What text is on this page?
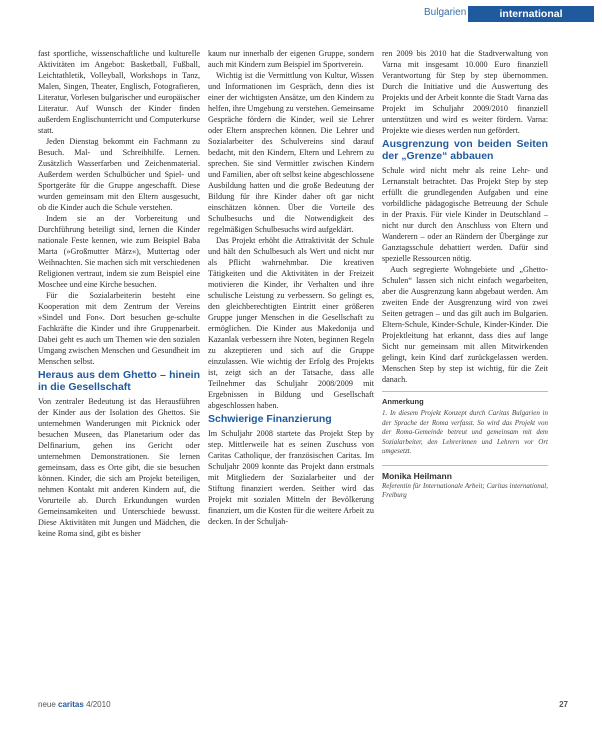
Bulgarien	international

fast sportliche, wissenschaftliche und kulturelle Aktivitäten im Angebot: Basketball, Fußball, Leichtathletik, Volleyball, Workshops in Tanz, Malen, Singen, Theater, Englisch, Fotografieren, Literatur, Vorlesen bulgarischer und europäischer Literatur. Auf Wunsch der Kinder finden außerdem Englischunterricht und Computerkurse statt.

Jeden Dienstag bekommt ein Fachmann zu Besuch. Mal- und Schreibhilfe. Lernen. Zusätzlich Wasserfarben und Zeichenmaterial. Außerdem werden Schulbücher und Spiel- und Sportgeräte für die Gruppe angeschafft. Diese wurden gemeinsam mit den Eltern ausgesucht, ob die Kinder auch die Schule verstehen.

Indem sie an der Vorbereitung und Durchführung beteiligt sind, lernen die Kinder nationale Feste kennen, wie zum Beispiel Baba Marta (»Großmutter März«), Muttertag oder Weihnachten. Sie machen sich mit verschiedenen Religionen vertraut, indem sie zum Beispiel eine Moschee und eine Kirche besuchen.

Für die Sozialarbeiterin besteht eine Kooperation mit dem Zentrum der Vereins »Sindel und Fon«. Dort besuchen ge-schulte Fachkräfte die Kinder und ihre Gruppenarbeit. Dabei geht es auch um Themen wie den sozialen Umgang zwischen Menschen und Gesundheit im Menschen selbst.

Heraus aus dem Ghetto – hinein in die Gesellschaft

Von zentraler Bedeutung ist das Herausführen der Kinder aus der Isolation des Ghettos. Sie unternehmen Wanderungen mit Picknick oder besuchen Museen, das Planetarium oder das Delfinarium, gehen ins Gericht oder unternehmen Demonstrationen. Sie lernen gemeinsam, dass es Orte gibt, die sie besuchen können. Kinder, die sich am Projekt beteiligen, nehmen Kontakt mit anderen Kindern auf, die Vorurteile ab. Durch Erkundungen wurden Gemeinsamkeiten und Unterschiede bewusst. Diese Aktivitäten mit Jungen und Mädchen, die keine Roma sind, gibt es bisher

kaum nur innerhalb der eigenen Gruppe, sondern auch mit Kindern zum Beispiel im Sportverein.

Wichtig ist die Vermittlung von Kultur, Wissen und Informationen im Gespräch, denn dies ist einer der wichtigsten Ansätze, um den Kindern zu helfen, ihre Umgebung zu verstehen. Gemeinsame Gespräche fördern die Kinder, weil sie Lehrer oder Eltern ansprechen können. Die Lehrer und Sozialarbeiter des Schulvereins sind darauf bedacht, mit den Kindern, Eltern und Lehrern zu sprechen. Sie sind Vermittler zwischen Kindern und Familien, aber oft selbst keine abgeschlossene Ausbildung hatten und die große Bedeutung der Bildung für ihre Kinder daher oft gar nicht einschätzen können. Über die Vorteile des Schulbesuchs und die Notwendigkeit des regelmäßigen Schulbesuchs wird aufgeklärt.

Das Projekt erhöht die Attraktivität der Schule und hält den Schulbesuch als Wert und nicht nur als Pflicht wahrnehmbar. Die kreativen Tätigkeiten und die Aktivitäten in der Freizeit motivieren die Kinder, ihr Verhalten und ihre schulische Leistung zu verbessern. So gelingt es, den gleichberechtigten Eintritt einer größeren Gruppe junger Menschen in die Gesellschaft zu ermöglichen. Die Kinder aus Makedonija und Kazanlak verbessern ihre Noten, beginnen Regeln zu akzeptieren und sich auf die Gruppe einzulassen. Wie wichtig der Erfolg des Projekts ist, zeigt sich an der Tatsache, dass alle Teilnehmer das Schuljahr 2008/2009 mit Ergebnissen in Bildung und Gesellschaft abgeschlossen haben.

Schwierige Finanzierung

Im Schuljahr 2008 startete das Projekt Step by step. Mittlerweile hat es seinen Zuschuss von Caritas Catholique, der französischen Caritas. Im Schuljahr 2009 konnte das Projekt dann erstmals mit Mitgliedern der Sozialarbeiter und der Stiftung finanziert werden. Seither wird das Projekt mit sozialen Mitteln der Bevölkerung finanziert, um die Kosten für die weitere Arbeit zu decken. In der Schuljah-

ren 2009 bis 2010 hat die Stadtverwaltung von Varna mit insgesamt 10.000 Euro finanziell Verantwortung für Step by step übernommen. Durch die Initiative und die Auswertung des Projekts und der Arbeit konnte die Stadt Varna das Projekt im Schuljahr 2009/2010 finanziell unterstützen und wird es weiter fördern. Varna: Projekte wie dieses werden nun gefördert.

Ausgrenzung von beiden Seiten der „Grenze“ abbauen

Schule wird nicht mehr als reine Lehr- und Lernanstalt betrachtet. Das Projekt Step by step erfüllt die grundlegenden Aufgaben und eine vorbildliche pädagogische Betreuung der Schule in der Praxis. Für viele Kinder in Deutschland – nicht nur durch den Anschluss von Eltern und Wanderern – oder an Rändern der Übergänge zur Ganztagsschule debattiert werden. Dafür sind spezielle Ressourcen nötig.

Auch segregierte Wohngebiete und „Ghetto-Schulen“ lassen sich nicht einfach wegarbeiten, aber die Ausgrenzung kann abgebaut werden. Am zweiten Ende der Ausgrenzung wird von zwei Seiten getragen – und das gilt auch im Bulgarien. Eltern-Schule, Kinder-Schule, Kinder-Kinder. Die Projektleitung hat erkannt, dass dies auf lange Sicht nur gemeinsam mit allen Mitwirkenden gelingt, kein Kind darf zurückgelassen werden. Menschen Step by step ist wichtig, für die Zeit danach.

Anmerkung
1. In diesem Projekt Konzept durch Caritas Bulgarien in der Sprache der Roma verfasst. So wird das Projekt von der Roma-Gemeinde betreut und gemeinsam mit dem Sozialarbeiter, den Lehrerinnen und Lehrern vor Ort umgesetzt.
Monika Heilmann
Referentin für Internationale Arbeit; Caritas international, Freiburg
neue caritas 4/2010	27
